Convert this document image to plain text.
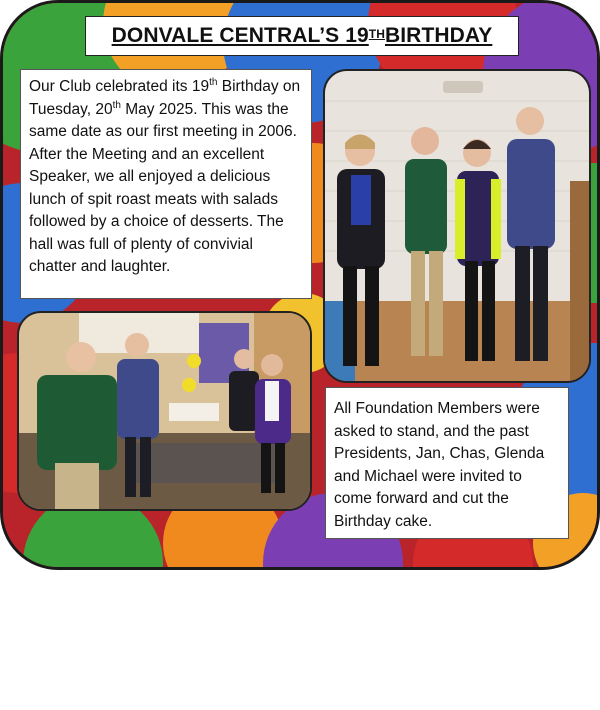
DONVALE CENTRAL’S 19TH BIRTHDAY
Our Club celebrated its 19th Birthday on Tuesday, 20th May 2025. This was the same date as our first meeting in 2006. After the Meeting and an excellent Speaker, we all enjoyed a delicious lunch of spit roast meats with salads followed by a choice of desserts. The hall was full of plenty of convivial chatter and laughter.
All Foundation Members were asked to stand, and the past Presidents, Jan, Chas, Glenda and Michael were invited to come forward and cut the Birthday cake.
